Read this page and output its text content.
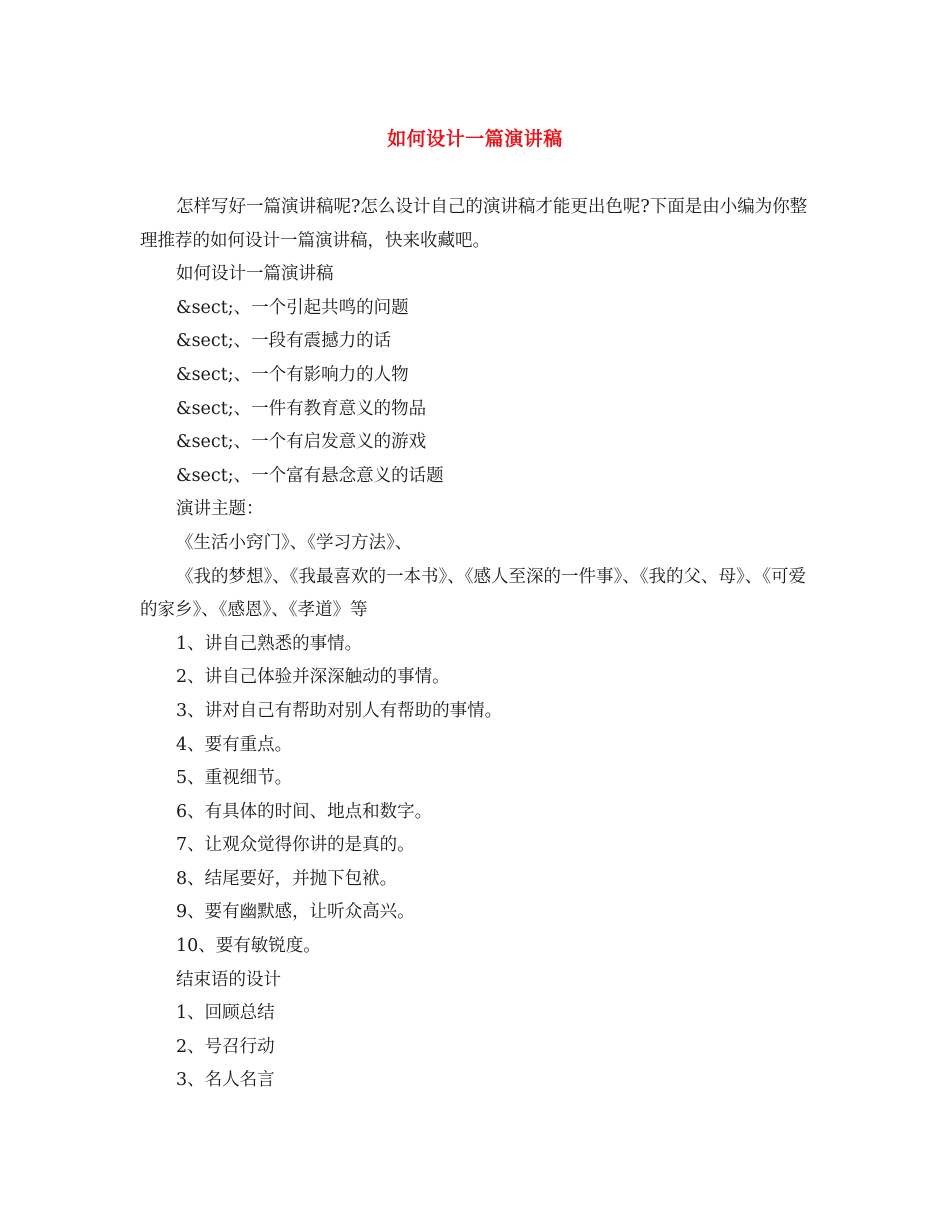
如何设计一篇演讲稿

怎样写好一篇演讲稿呢?怎么设计自己的演讲稿才能更出色呢?下面是由小编为你整理推荐的如何设计一篇演讲稿，快来收藏吧。

如何设计一篇演讲稿

&sect;、一个引起共鸣的问题

&sect;、一段有震撼力的话

&sect;、一个有影响力的人物

&sect;、一件有教育意义的物品

&sect;、一个有启发意义的游戏

&sect;、一个富有悬念意义的话题

演讲主题：

《生活小窍门》、《学习方法》、

《我的梦想》、《我最喜欢的一本书》、《感人至深的一件事》、《我的父、母》、《可爱的家乡》、《感恩》、《孝道》等

1、讲自己熟悉的事情。

2、讲自己体验并深深触动的事情。

3、讲对自己有帮助对别人有帮助的事情。

4、要有重点。

5、重视细节。

6、有具体的时间、地点和数字。

7、让观众觉得你讲的是真的。

8、结尾要好，并抛下包袱。

9、要有幽默感，让听众高兴。

10、要有敏锐度。

结束语的设计

1、回顾总结

2、号召行动

3、名人名言
